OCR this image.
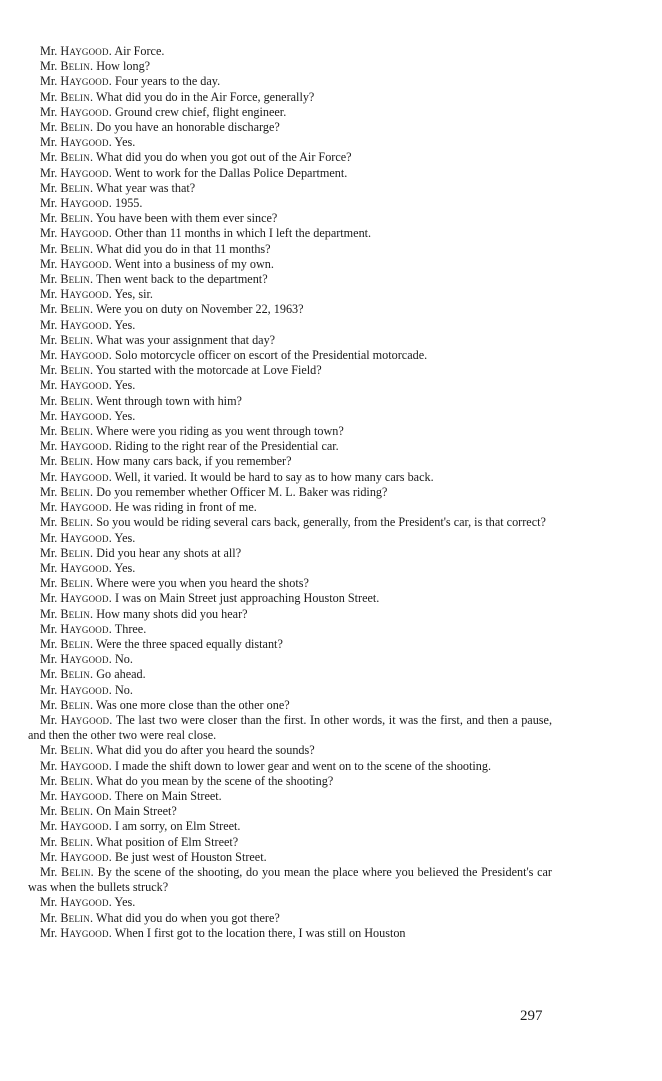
Mr. Haygood. Air Force.
Mr. Belin. How long?
Mr. Haygood. Four years to the day.
Mr. Belin. What did you do in the Air Force, generally?
Mr. Haygood. Ground crew chief, flight engineer.
Mr. Belin. Do you have an honorable discharge?
Mr. Haygood. Yes.
Mr. Belin. What did you do when you got out of the Air Force?
Mr. Haygood. Went to work for the Dallas Police Department.
Mr. Belin. What year was that?
Mr. Haygood. 1955.
Mr. Belin. You have been with them ever since?
Mr. Haygood. Other than 11 months in which I left the department.
Mr. Belin. What did you do in that 11 months?
Mr. Haygood. Went into a business of my own.
Mr. Belin. Then went back to the department?
Mr. Haygood. Yes, sir.
Mr. Belin. Were you on duty on November 22, 1963?
Mr. Haygood. Yes.
Mr. Belin. What was your assignment that day?
Mr. Haygood. Solo motorcycle officer on escort of the Presidential motorcade.
Mr. Belin. You started with the motorcade at Love Field?
Mr. Haygood. Yes.
Mr. Belin. Went through town with him?
Mr. Haygood. Yes.
Mr. Belin. Where were you riding as you went through town?
Mr. Haygood. Riding to the right rear of the Presidential car.
Mr. Belin. How many cars back, if you remember?
Mr. Haygood. Well, it varied. It would be hard to say as to how many cars back.
Mr. Belin. Do you remember whether Officer M. L. Baker was riding?
Mr. Haygood. He was riding in front of me.
Mr. Belin. So you would be riding several cars back, generally, from the President's car, is that correct?
Mr. Haygood. Yes.
Mr. Belin. Did you hear any shots at all?
Mr. Haygood. Yes.
Mr. Belin. Where were you when you heard the shots?
Mr. Haygood. I was on Main Street just approaching Houston Street.
Mr. Belin. How many shots did you hear?
Mr. Haygood. Three.
Mr. Belin. Were the three spaced equally distant?
Mr. Haygood. No.
Mr. Belin. Go ahead.
Mr. Haygood. No.
Mr. Belin. Was one more close than the other one?
Mr. Haygood. The last two were closer than the first. In other words, it was the first, and then a pause, and then the other two were real close.
Mr. Belin. What did you do after you heard the sounds?
Mr. Haygood. I made the shift down to lower gear and went on to the scene of the shooting.
Mr. Belin. What do you mean by the scene of the shooting?
Mr. Haygood. There on Main Street.
Mr. Belin. On Main Street?
Mr. Haygood. I am sorry, on Elm Street.
Mr. Belin. What position of Elm Street?
Mr. Haygood. Be just west of Houston Street.
Mr. Belin. By the scene of the shooting, do you mean the place where you believed the President's car was when the bullets struck?
Mr. Haygood. Yes.
Mr. Belin. What did you do when you got there?
Mr. Haygood. When I first got to the location there, I was still on Houston
297
